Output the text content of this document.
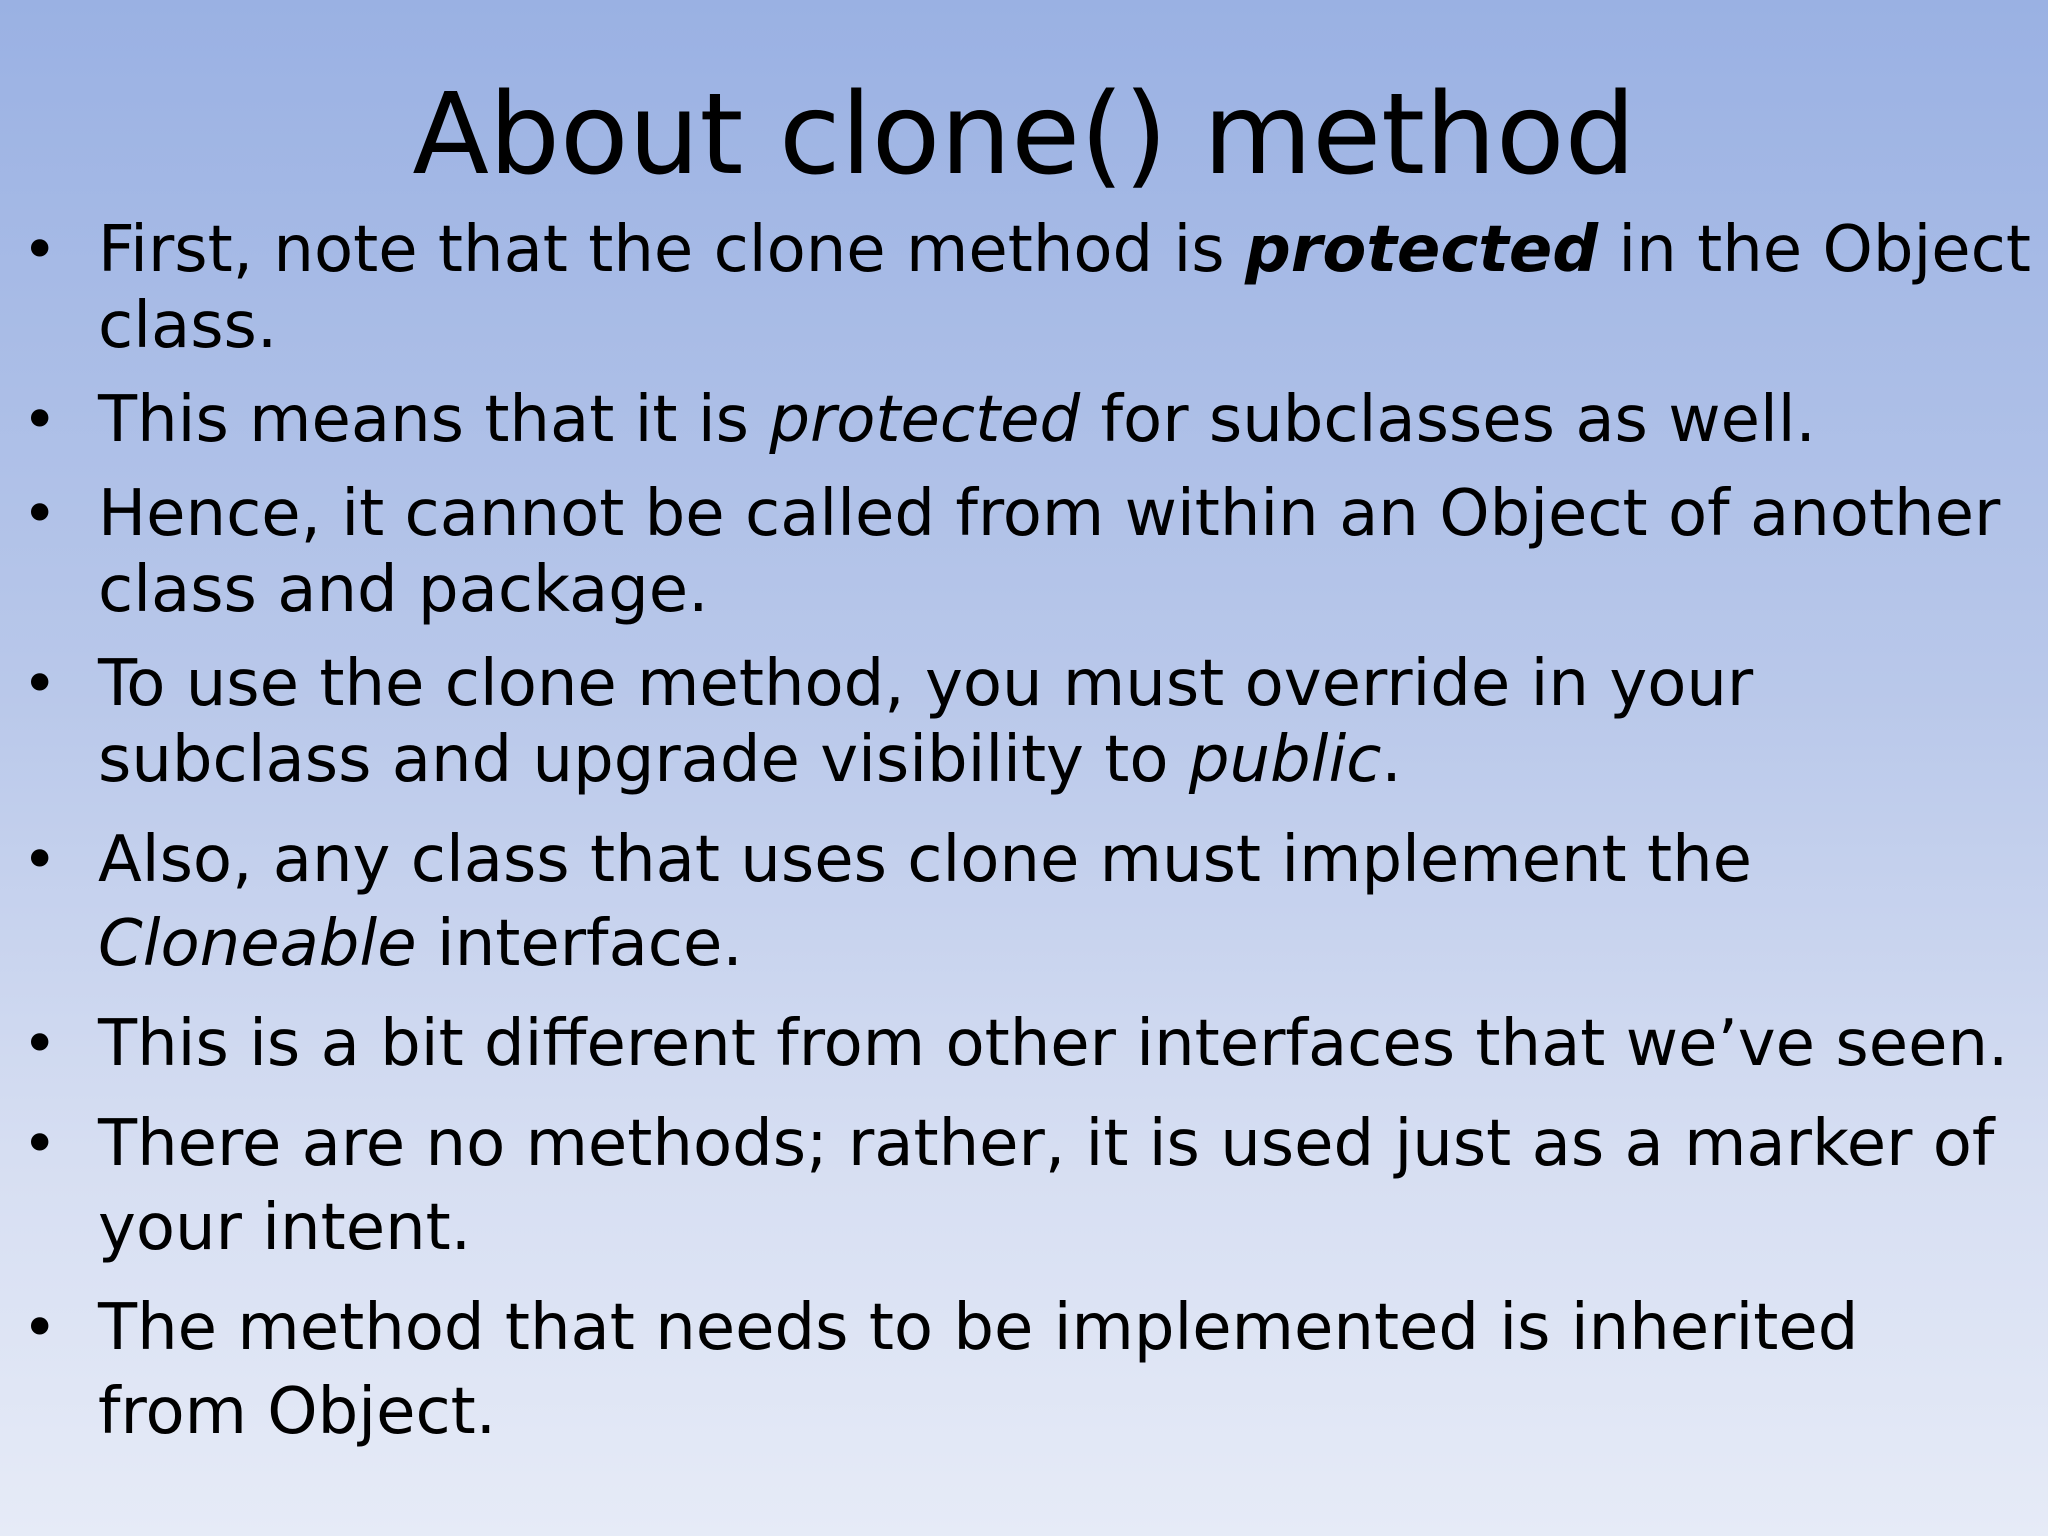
About clone() method
• First, note that the clone method is protected in the Object
class.
• This means that it is protected for subclasses as well.
• Hence, it cannot be called from within an Object of another
class and package.
• To use the clone method, you must override in your
subclass and upgrade visibility to public.
• Also, any class that uses clone must implement the
Cloneable interface.
• This is a bit different from other interfaces that we’ve seen.
• There are no methods; rather, it is used just as a marker of
your intent.
• The method that needs to be implemented is inherited
from Object.
